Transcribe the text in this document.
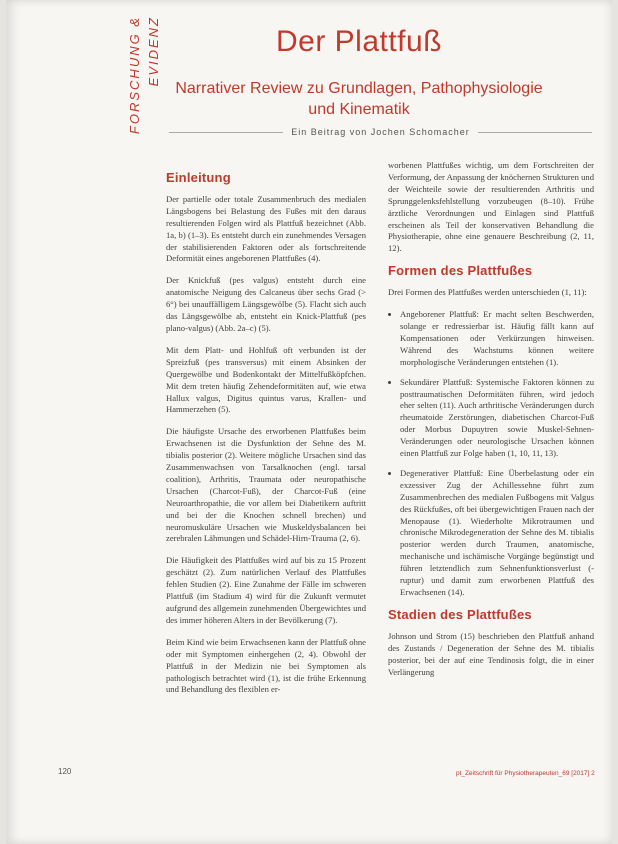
FORSCHUNG & EVIDENZ	Der Plattfuß
Narrativer Review zu Grundlagen, Pathophysiologie und Kinematik
Ein Beitrag von Jochen Schomacher
Einleitung

Der partielle oder totale Zusammenbruch des medialen Längsbogens bei Belastung des Fußes mit den daraus resultierenden Folgen wird als Plattfuß bezeichnet (Abb. 1a, b) (1–3). Es entsteht durch ein zunehmendes Versagen der stabilisierenden Faktoren oder als fortschreitende Deformität eines angeborenen Plattfußes (4).

Der Knickfuß (pes valgus) entsteht durch eine anatomische Neigung des Calcaneus über sechs Grad (> 6°) bei unauffälligem Längsgewölbe (5). Flacht sich auch das Längsgewölbe ab, entsteht ein Knick-Plattfuß (pes plano-valgus) (Abb. 2a–c) (5).

Mit dem Platt- und Hohlfuß oft verbunden ist der Spreizfuß (pes transversus) mit einem Absinken der Quergewölbe und Bodenkontakt der Mittelfußköpfchen. Mit dem treten häufig Zehendeformitäten auf, wie etwa Hallux valgus, Digitus quintus varus, Krallen- und Hammerzehen (5).

Die häufigste Ursache des erworbenen Plattfußes beim Erwachsenen ist die Dysfunktion der Sehne des M. tibialis posterior (2). Weitere mögliche Ursachen sind das Zusammenwachsen von Tarsalknochen (engl. tarsal coalition), Arthritis, Traumata oder neuropathische Ursachen (Charcot-Fuß), der Charcot-Fuß (eine Neuroarthropathie, die vor allem bei Diabetikern auftritt und bei der die Knochen schnell brechen) und neuromuskuläre Ursachen wie Muskeldysbalancen bei zerebralen Lähmungen und Schädel-Hirn-Trauma (2, 6).

Die Häufigkeit des Plattfußes wird auf bis zu 15 Prozent geschätzt (2). Zum natürlichen Verlauf des Plattfußes fehlen Studien (2). Eine Zunahme der Fälle im schweren Plattfuß (im Stadium 4) wird für die Zukunft vermutet aufgrund des allgemein zunehmenden Übergewichtes und des immer höheren Alters in der Bevölkerung (7).

Beim Kind wie beim Erwachsenen kann der Plattfuß ohne oder mit Symptomen einhergehen (2, 4). Obwohl der Plattfuß in der Medizin nie bei Symptomen als pathologisch betrachtet wird (1), ist die frühe Erkennung und Behandlung des flexiblen er-

worbenen Plattfußes wichtig, um dem Fortschreiten der Verformung, der Anpassung der knöchernen Strukturen und der Weichteile sowie der resultierenden Arthritis und Sprunggelenksfehlstellung vorzubeugen (8–10). Frühe ärztliche Verordnungen und Einlagen sind Plattfuß erscheinen als Teil der konservativen Behandlung die Physiotherapie, ohne eine genauere Beschreibung (2, 11, 12).

Formen des Plattfußes

Drei Formen des Plattfußes werden unterschieden (1, 11):

• Angeborener Plattfuß: Er macht selten Beschwerden, solange er redressierbar ist. Häufig fällt kann auf Kompensationen oder Verkürzungen hinweisen. Während des Wachstums können weitere morphologische Veränderungen entstehen (1).
• Sekundärer Plattfuß: Systemische Faktoren können zu posttraumatischen Deformitäten führen, wird jedoch eher selten (11). Auch arthritische Veränderungen durch rheumatoide Zerstörungen, diabetischen Charcot-Fuß oder Morbus Dupuytren sowie Muskel-Sehnen-Veränderungen oder neurologische Ursachen können einen Plattfuß zur Folge haben (1, 10, 11, 13).
• Degenerativer Plattfuß: Eine Überbelastung oder ein exzessiver Zug der Achillessehne führt zum Zusammenbrechen des medialen Fußbogens mit Valgus des Rückfußes, oft bei übergewichtigen Frauen nach der Menopause (1). Wiederholte Mikrotraumen und chronische Mikrodegeneration der Sehne des M. tibialis posterior werden durch Traumen, anatomische, mechanische und ischämische Vorgänge begünstigt und führen letztendlich zum Sehnenfunktionsverlust (-ruptur) und damit zum erworbenen Plattfuß des Erwachsenen (14).
Stadien des Plattfußes

Johnson und Strom (15) beschrieben den Plattfuß anhand des Zustands / Degeneration der Sehne des M. tibialis posterior, bei der auf eine Tendinosis folgt, die in einer Verlängerung

120	pt_Zeitschrift für Physiotherapeuten_69 [2017] 2
